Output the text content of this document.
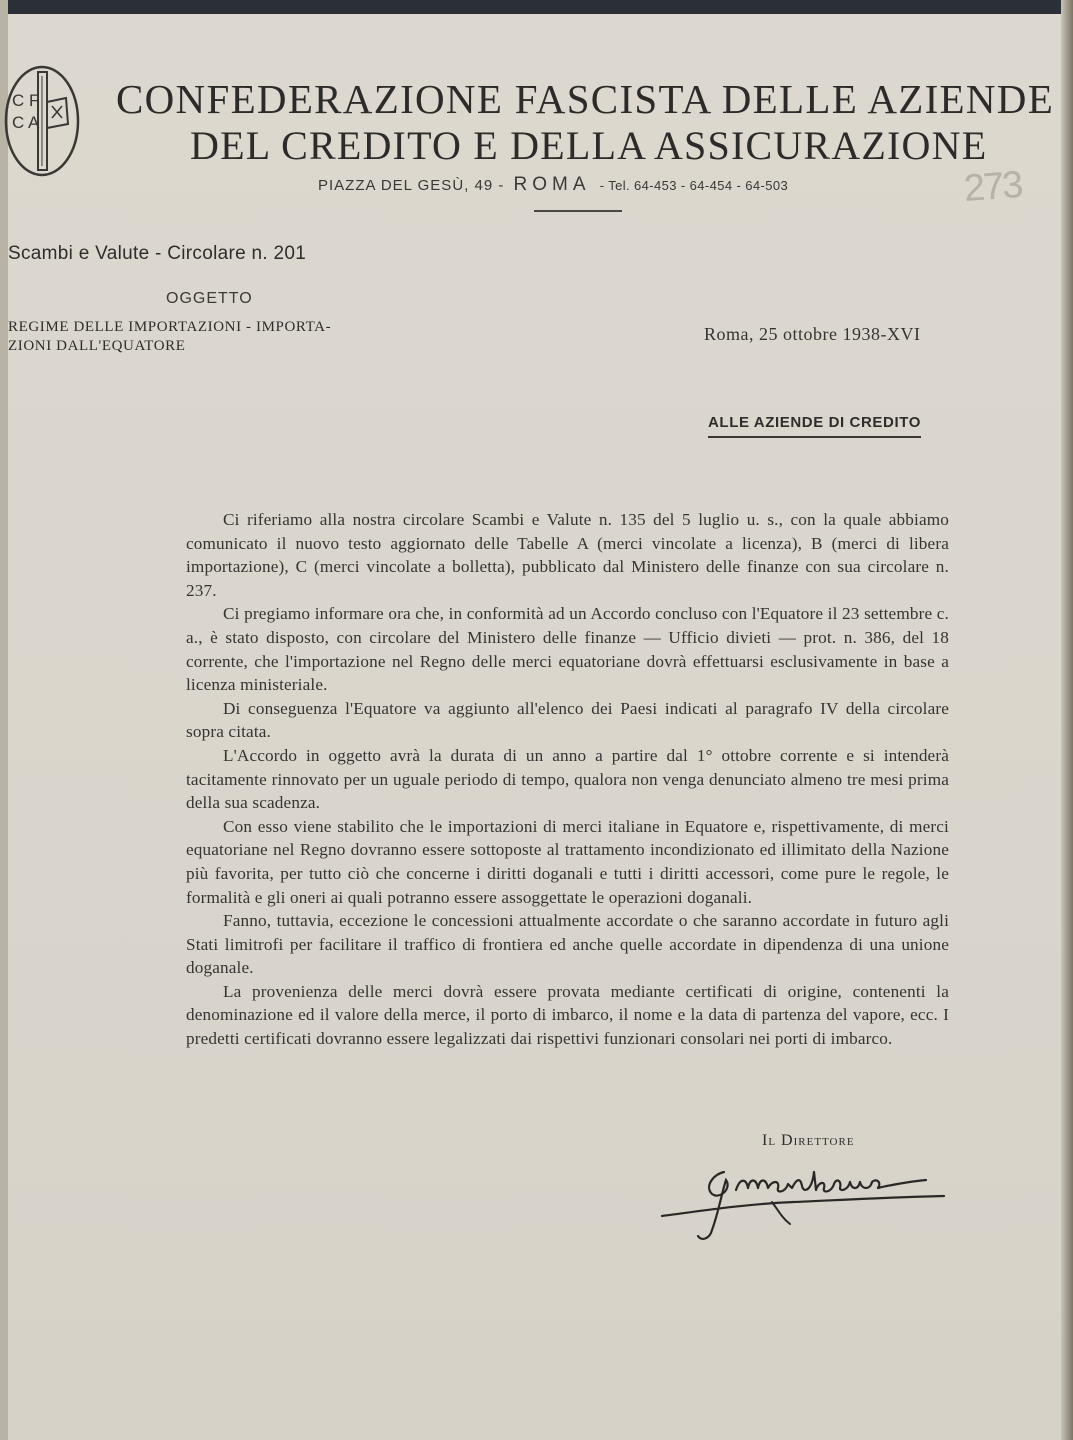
C F
C A
CONFEDERAZIONE FASCISTA DELLE AZIENDE
DEL CREDITO E DELLA ASSICURAZIONE
PIAZZA DEL GESÙ, 49 - ROMA - Tel. 64-453 - 64-454 - 64-503	273
Scambi e Valute - Circolare n. 201
OGGETTO
REGIME DELLE IMPORTAZIONI - IMPORTA-
ZIONI DALL'EQUATORE
Roma, 25 ottobre 1938-XVI
ALLE AZIENDE DI CREDITO

Ci riferiamo alla nostra circolare Scambi e Valute n. 135 del 5 luglio u. s., con la quale abbiamo comunicato il nuovo testo aggiornato delle Tabelle A (merci vincolate a licenza), B (merci di libera importazione), C (merci vincolate a bolletta), pubblicato dal Ministero delle finanze con sua circolare n. 237.

Ci pregiamo informare ora che, in conformità ad un Accordo concluso con l'Equatore il 23 settembre c. a., è stato disposto, con circolare del Ministero delle finanze — Ufficio divieti — prot. n. 386, del 18 corrente, che l'importazione nel Regno delle merci equatoriane dovrà effettuarsi esclusivamente in base a licenza ministeriale.

Di conseguenza l'Equatore va aggiunto all'elenco dei Paesi indicati al paragrafo IV della circolare sopra citata.

L'Accordo in oggetto avrà la durata di un anno a partire dal 1° ottobre corrente e si intenderà tacitamente rinnovato per un uguale periodo di tempo, qualora non venga denunciato almeno tre mesi prima della sua scadenza.

Con esso viene stabilito che le importazioni di merci italiane in Equatore e, rispettivamente, di merci equatoriane nel Regno dovranno essere sottoposte al trattamento incondizionato ed illimitato della Nazione più favorita, per tutto ciò che concerne i diritti doganali e tutti i diritti accessori, come pure le regole, le formalità e gli oneri ai quali potranno essere assoggettate le operazioni doganali.

Fanno, tuttavia, eccezione le concessioni attualmente accordate o che saranno accordate in futuro agli Stati limitrofi per facilitare il traffico di frontiera ed anche quelle accordate in dipendenza di una unione doganale.

La provenienza delle merci dovrà essere provata mediante certificati di origine, contenenti la denominazione ed il valore della merce, il porto di imbarco, il nome e la data di partenza del vapore, ecc. I predetti certificati dovranno essere legalizzati dai rispettivi funzionari consolari nei porti di imbarco.

Il Direttore
